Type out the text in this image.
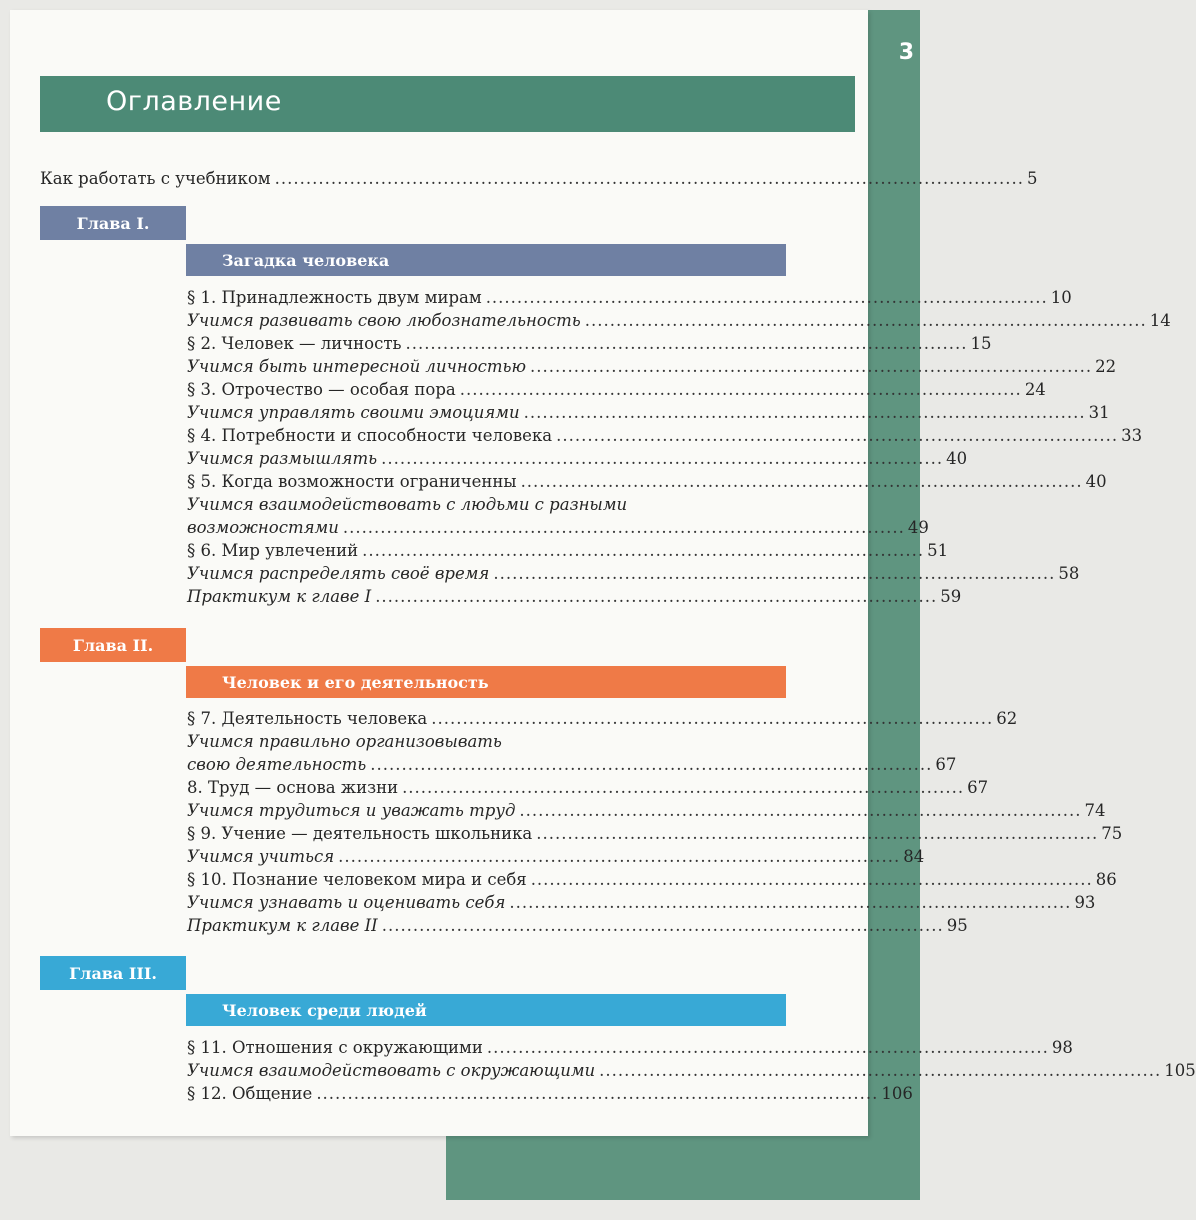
3
Оглавление
Как работать с учебником ........................................................................................................................ 5
Глава I.
Загадка человека
§ 1. Принадлежность двум мирам .......................................................................................... 10
Учимся развивать свою любознательность .......................................................................................... 14
§ 2. Человек — личность .......................................................................................... 15
Учимся быть интересной личностью .......................................................................................... 22
§ 3. Отрочество — особая пора .......................................................................................... 24
Учимся управлять своими эмоциями .......................................................................................... 31
§ 4. Потребности и способности человека .......................................................................................... 33
Учимся размышлять .......................................................................................... 40
§ 5. Когда возможности ограниченны .......................................................................................... 40
Учимся взаимодействовать с людьми с разными
возможностями .......................................................................................... 49
§ 6. Мир увлечений .......................................................................................... 51
Учимся распределять своё время .......................................................................................... 58
Практикум к главе I .......................................................................................... 59
Глава II.
Человек и его деятельность
§ 7. Деятельность человека .......................................................................................... 62
Учимся правильно организовывать
свою деятельность .......................................................................................... 67
8. Труд — основа жизни .......................................................................................... 67
Учимся трудиться и уважать труд .......................................................................................... 74
§ 9. Учение — деятельность школьника .......................................................................................... 75
Учимся учиться .......................................................................................... 84
§ 10. Познание человеком мира и себя .......................................................................................... 86
Учимся узнавать и оценивать себя .......................................................................................... 93
Практикум к главе II .......................................................................................... 95
Глава III.
Человек среди людей
§ 11. Отношения с окружающими .......................................................................................... 98
Учимся взаимодействовать с окружающими .......................................................................................... 105
§ 12. Общение .......................................................................................... 106
